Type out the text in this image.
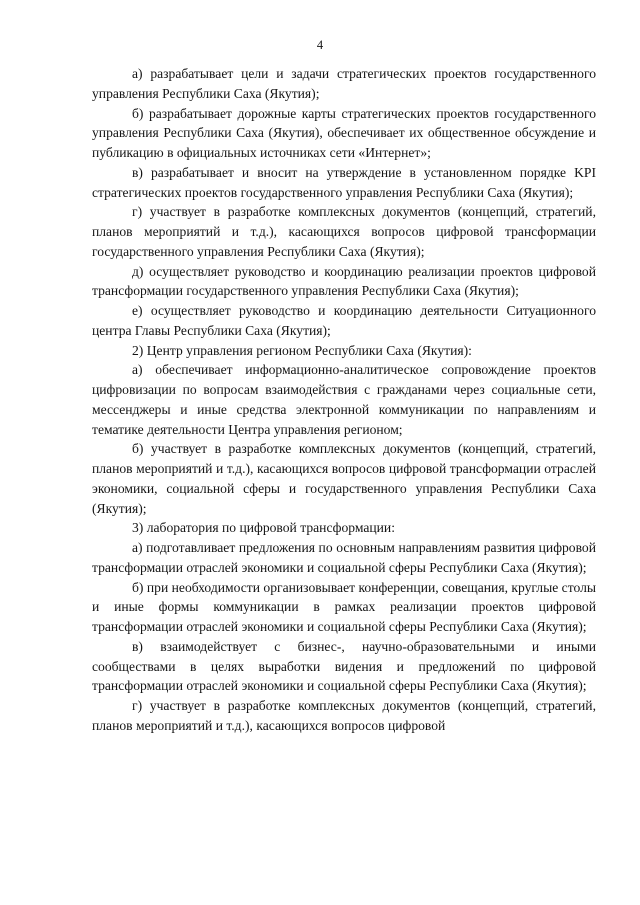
4

а) разрабатывает цели и задачи стратегических проектов государственного управления Республики Саха (Якутия);

б) разрабатывает дорожные карты стратегических проектов государственного управления Республики Саха (Якутия), обеспечивает их общественное обсуждение и публикацию в официальных источниках сети «Интернет»;

в) разрабатывает и вносит на утверждение в установленном порядке KPI стратегических проектов государственного управления Республики Саха (Якутия);

г) участвует в разработке комплексных документов (концепций, стратегий, планов мероприятий и т.д.), касающихся вопросов цифровой трансформации государственного управления Республики Саха (Якутия);

д) осуществляет руководство и координацию реализации проектов цифровой трансформации государственного управления Республики Саха (Якутия);

е) осуществляет руководство и координацию деятельности Ситуационного центра Главы Республики Саха (Якутия);

2) Центр управления регионом Республики Саха (Якутия):

а) обеспечивает информационно-аналитическое сопровождение проектов цифровизации по вопросам взаимодействия с гражданами через социальные сети, мессенджеры и иные средства электронной коммуникации по направлениям и тематике деятельности Центра управления регионом;

б) участвует в разработке комплексных документов (концепций, стратегий, планов мероприятий и т.д.), касающихся вопросов цифровой трансформации отраслей экономики, социальной сферы и государственного управления Республики Саха (Якутия);

3) лаборатория по цифровой трансформации:

а) подготавливает предложения по основным направлениям развития цифровой трансформации отраслей экономики и социальной сферы Республики Саха (Якутия);

б) при необходимости организовывает конференции, совещания, круглые столы и иные формы коммуникации в рамках реализации проектов цифровой трансформации отраслей экономики и социальной сферы Республики Саха (Якутия);

в) взаимодействует с бизнес-, научно-образовательными и иными сообществами в целях выработки видения и предложений по цифровой трансформации отраслей экономики и социальной сферы Республики Саха (Якутия);

г) участвует в разработке комплексных документов (концепций, стратегий, планов мероприятий и т.д.), касающихся вопросов цифровой
